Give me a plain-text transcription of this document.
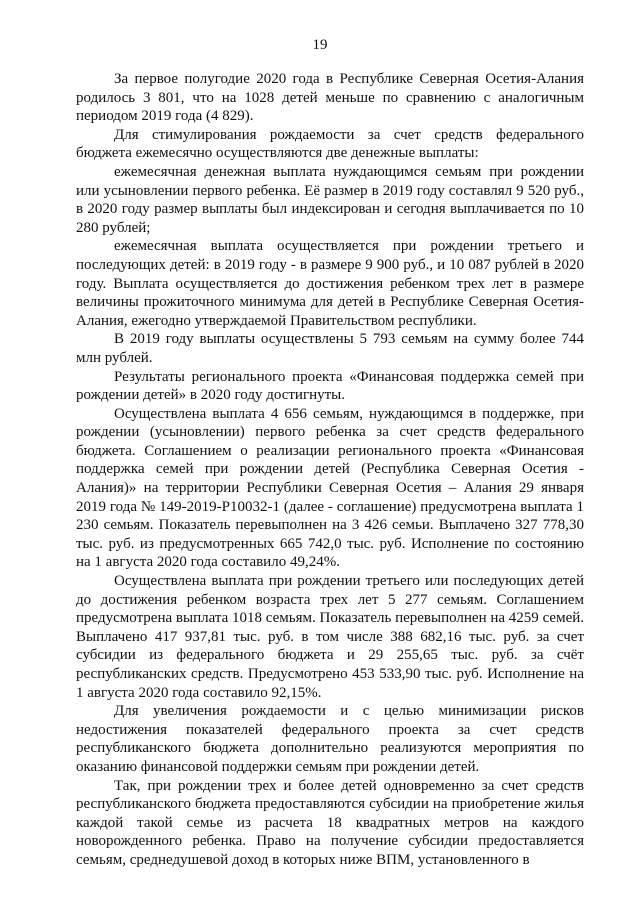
19

За первое полугодие 2020 года в Республике Северная Осетия-Алания родилось 3 801, что на 1028 детей меньше по сравнению с аналогичным периодом 2019 года (4 829).

Для стимулирования рождаемости за счет средств федерального бюджета ежемесячно осуществляются две денежные выплаты:

ежемесячная денежная выплата нуждающимся семьям при рождении или усыновлении первого ребенка. Её размер в 2019 году составлял 9 520 руб., в 2020 году размер выплаты был индексирован и сегодня выплачивается по 10 280 рублей;

ежемесячная выплата осуществляется при рождении третьего и последующих детей: в 2019 году - в размере 9 900 руб., и 10 087 рублей в 2020 году. Выплата осуществляется до достижения ребенком трех лет в размере величины прожиточного минимума для детей в Республике Северная Осетия-Алания, ежегодно утверждаемой Правительством республики.

В 2019 году выплаты осуществлены 5 793 семьям на сумму более 744 млн рублей.

Результаты регионального проекта «Финансовая поддержка семей при рождении детей» в 2020 году достигнуты.

Осуществлена выплата 4 656 семьям, нуждающимся в поддержке, при рождении (усыновлении) первого ребенка за счет средств федерального бюджета. Соглашением о реализации регионального проекта «Финансовая поддержка семей при рождении детей (Республика Северная Осетия - Алания)» на территории Республики Северная Осетия – Алания 29 января 2019 года № 149-2019-Р10032-1 (далее - соглашение) предусмотрена выплата 1 230 семьям. Показатель перевыполнен на 3 426 семьи. Выплачено 327 778,30 тыс. руб. из предусмотренных 665 742,0 тыс. руб. Исполнение по состоянию на 1 августа 2020 года составило 49,24%.

Осуществлена выплата при рождении третьего или последующих детей до достижения ребенком возраста трех лет 5 277 семьям. Соглашением предусмотрена выплата 1018 семьям. Показатель перевыполнен на 4259 семей. Выплачено 417 937,81 тыс. руб. в том числе 388 682,16 тыс. руб. за счет субсидии из федерального бюджета и 29 255,65 тыс. руб. за счёт республиканских средств. Предусмотрено 453 533,90 тыс. руб. Исполнение на 1 августа 2020 года составило 92,15%.

Для увеличения рождаемости и с целью минимизации рисков недостижения показателей федерального проекта за счет средств республиканского бюджета дополнительно реализуются мероприятия по оказанию финансовой поддержки семьям при рождении детей.

Так, при рождении трех и более детей одновременно за счет средств республиканского бюджета предоставляются субсидии на приобретение жилья каждой такой семье из расчета 18 квадратных метров на каждого новорожденного ребенка. Право на получение субсидии предоставляется семьям, среднедушевой доход в которых ниже ВПМ, установленного в
